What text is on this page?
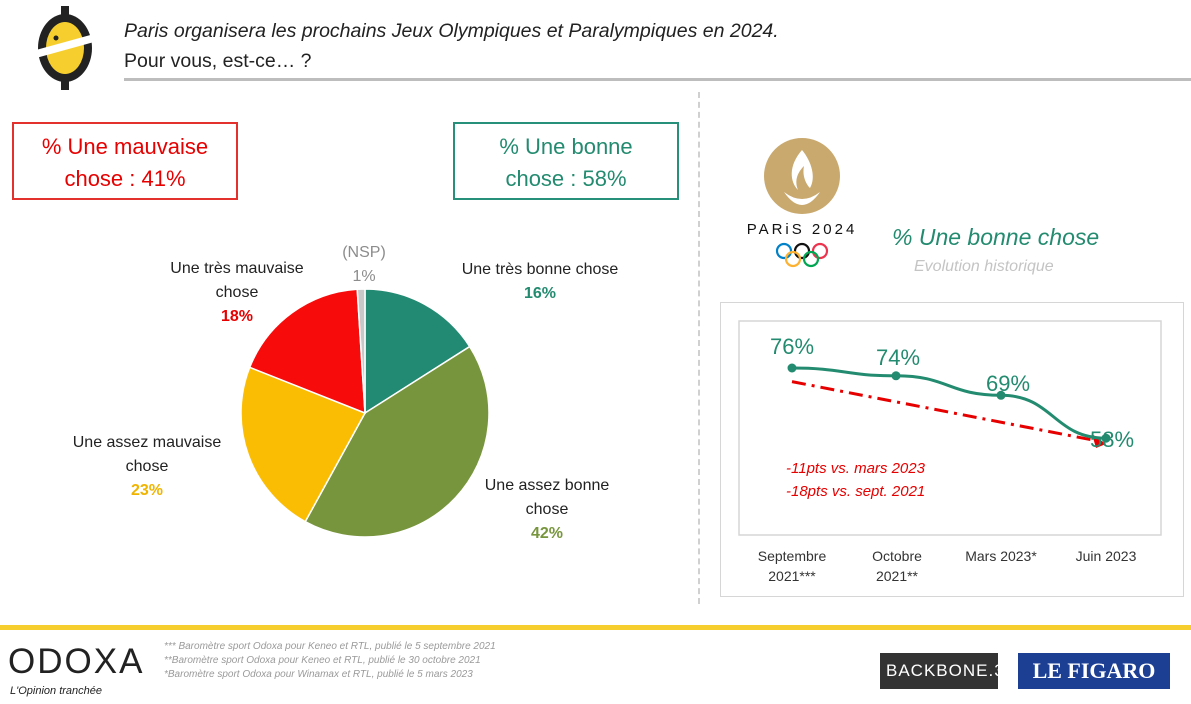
Paris organisera les prochains Jeux Olympiques et Paralympiques en 2024.
Pour vous, est-ce… ?
% Une mauvaise
chose : 41%
% Une bonne
chose : 58%
Une très bonne chose
16%
Une assez bonne
chose
42%
Une assez mauvaise
chose
23%
Une très mauvaise
chose
18%
(NSP)
1%
PARiS 2024 % Une bonne chose
Evolution historique
76%	74%
69%
58%
-11pts vs. mars 2023
-18pts vs. sept. 2021
Septembre
2021***
Octobre
2021**
Mars 2023*	Juin 2023
ODOXA
L'Opinion tranchée
*** Baromètre sport Odoxa pour Keneo et RTL, publié le 5 septembre 2021
**Baromètre sport Odoxa pour Keneo et RTL, publié le 30 octobre 2021
*Baromètre sport Odoxa pour Winamax et RTL, publié le 5 mars 2023	BACKBONE.3	LE FIGARO
